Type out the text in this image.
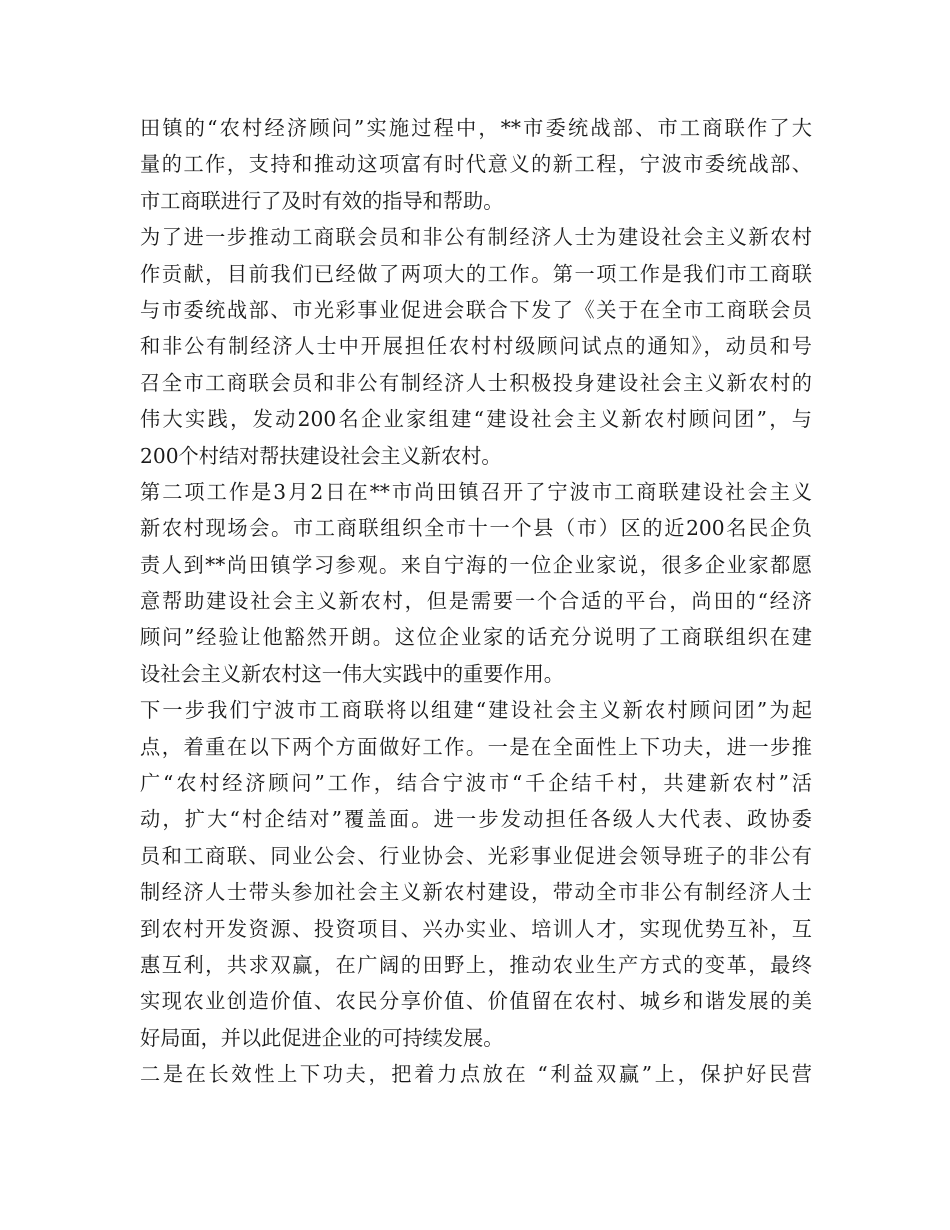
田镇的“农村经济顾问”实施过程中，**市委统战部、市工商联作了大
量的工作，支持和推动这项富有时代意义的新工程，宁波市委统战部、
市工商联进行了及时有效的指导和帮助。
为了进一步推动工商联会员和非公有制经济人士为建设社会主义新农村
作贡献，目前我们已经做了两项大的工作。第一项工作是我们市工商联
与市委统战部、市光彩事业促进会联合下发了《关于在全市工商联会员
和非公有制经济人士中开展担任农村村级顾问试点的通知》，动员和号
召全市工商联会员和非公有制经济人士积极投身建设社会主义新农村的
伟大实践，发动200名企业家组建“建设社会主义新农村顾问团”，与
200个村结对帮扶建设社会主义新农村。
第二项工作是3月2日在**市尚田镇召开了宁波市工商联建设社会主义
新农村现场会。市工商联组织全市十一个县（市）区的近200名民企负
责人到**尚田镇学习参观。来自宁海的一位企业家说，很多企业家都愿
意帮助建设社会主义新农村，但是需要一个合适的平台，尚田的“经济
顾问”经验让他豁然开朗。这位企业家的话充分说明了工商联组织在建
设社会主义新农村这一伟大实践中的重要作用。
下一步我们宁波市工商联将以组建“建设社会主义新农村顾问团”为起
点，着重在以下两个方面做好工作。一是在全面性上下功夫，进一步推
广“农村经济顾问”工作，结合宁波市“千企结千村，共建新农村”活
动，扩大“村企结对”覆盖面。进一步发动担任各级人大代表、政协委
员和工商联、同业公会、行业协会、光彩事业促进会领导班子的非公有
制经济人士带头参加社会主义新农村建设，带动全市非公有制经济人士
到农村开发资源、投资项目、兴办实业、培训人才，实现优势互补，互
惠互利，共求双赢，在广阔的田野上，推动农业生产方式的变革，最终
实现农业创造价值、农民分享价值、价值留在农村、城乡和谐发展的美
好局面，并以此促进企业的可持续发展。
二是在长效性上下功夫，把着力点放在 “利益双赢”上，保护好民营
